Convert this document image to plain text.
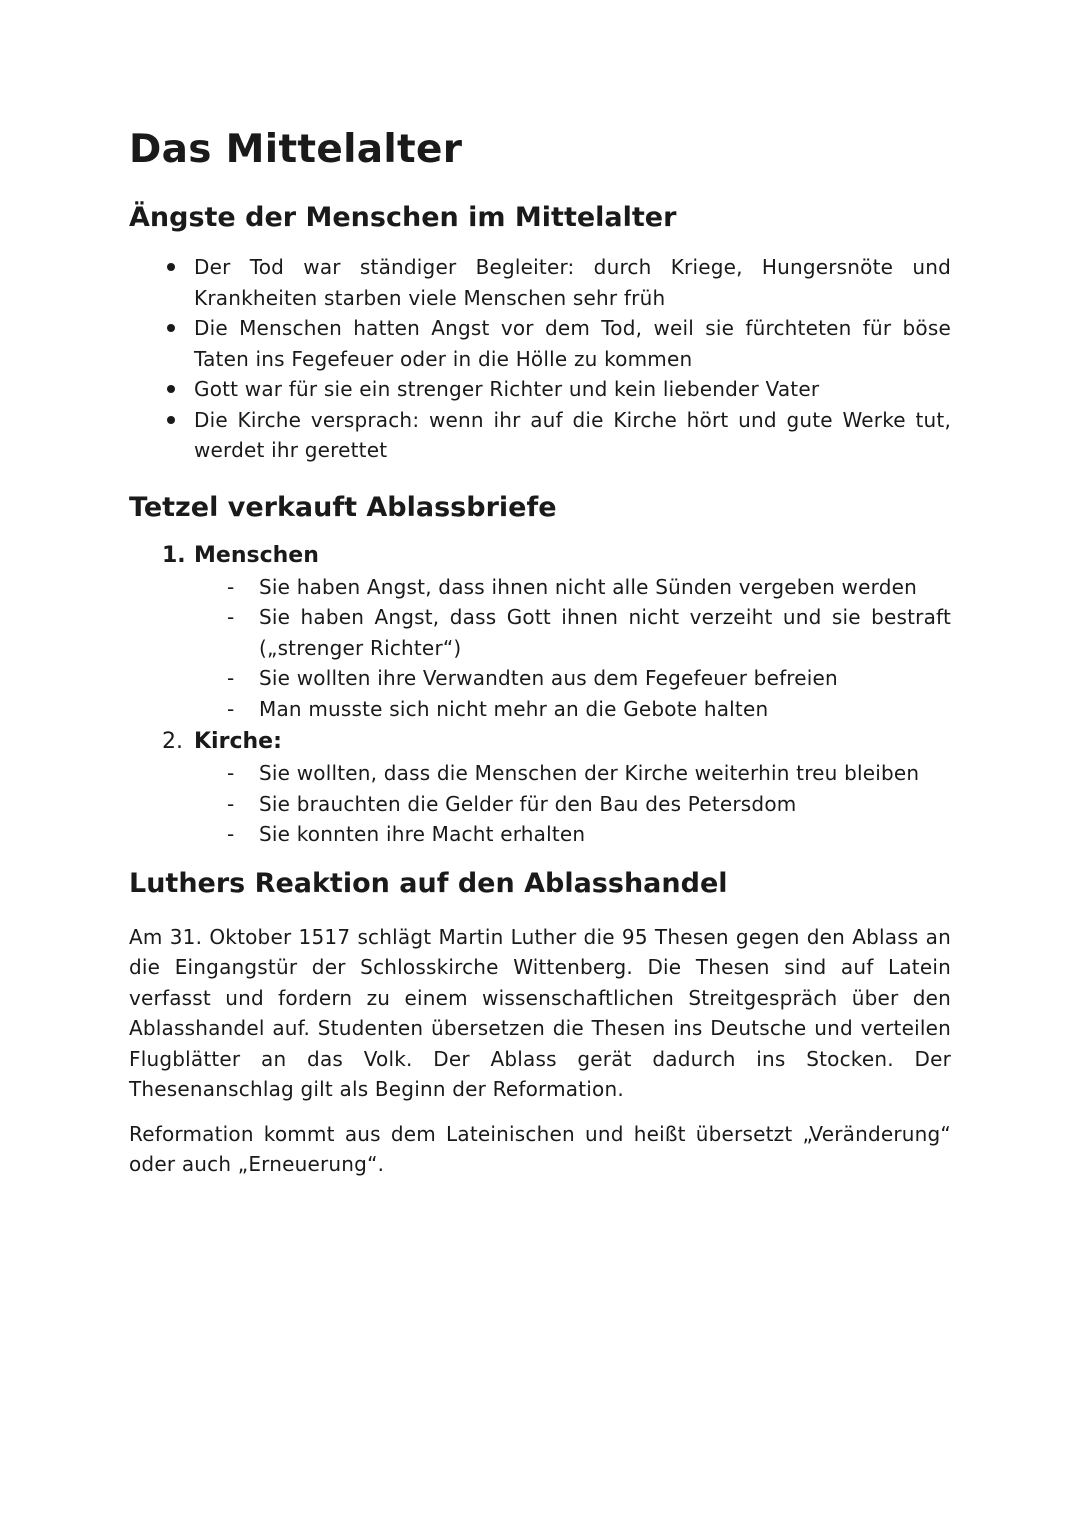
Das Mittelalter
Ängste der Menschen im Mittelalter
Der Tod war ständiger Begleiter: durch Kriege, Hungersnöte und Krankheiten starben viele Menschen sehr früh
Die Menschen hatten Angst vor dem Tod, weil sie fürchteten für böse Taten ins Fegefeuer oder in die Hölle zu kommen
Gott war für sie ein strenger Richter und kein liebender Vater
Die Kirche versprach: wenn ihr auf die Kirche hört und gute Werke tut, werdet ihr gerettet
Tetzel verkauft Ablassbriefe
1. Menschen
- Sie haben Angst, dass ihnen nicht alle Sünden vergeben werden
- Sie haben Angst, dass Gott ihnen nicht verzeiht und sie bestraft („strenger Richter“)
- Sie wollten ihre Verwandten aus dem Fegefeuer befreien
- Man musste sich nicht mehr an die Gebote halten
2. Kirche:
- Sie wollten, dass die Menschen der Kirche weiterhin treu bleiben
- Sie brauchten die Gelder für den Bau des Petersdom
- Sie konnten ihre Macht erhalten
Luthers Reaktion auf den Ablasshandel

Am 31. Oktober 1517 schlägt Martin Luther die 95 Thesen gegen den Ablass an die Eingangstür der Schlosskirche Wittenberg. Die Thesen sind auf Latein verfasst und fordern zu einem wissenschaftlichen Streitgespräch über den Ablasshandel auf. Studenten übersetzen die Thesen ins Deutsche und verteilen Flugblätter an das Volk. Der Ablass gerät dadurch ins Stocken. Der Thesenanschlag gilt als Beginn der Reformation.

Reformation kommt aus dem Lateinischen und heißt übersetzt „Veränderung“ oder auch „Erneuerung“.
